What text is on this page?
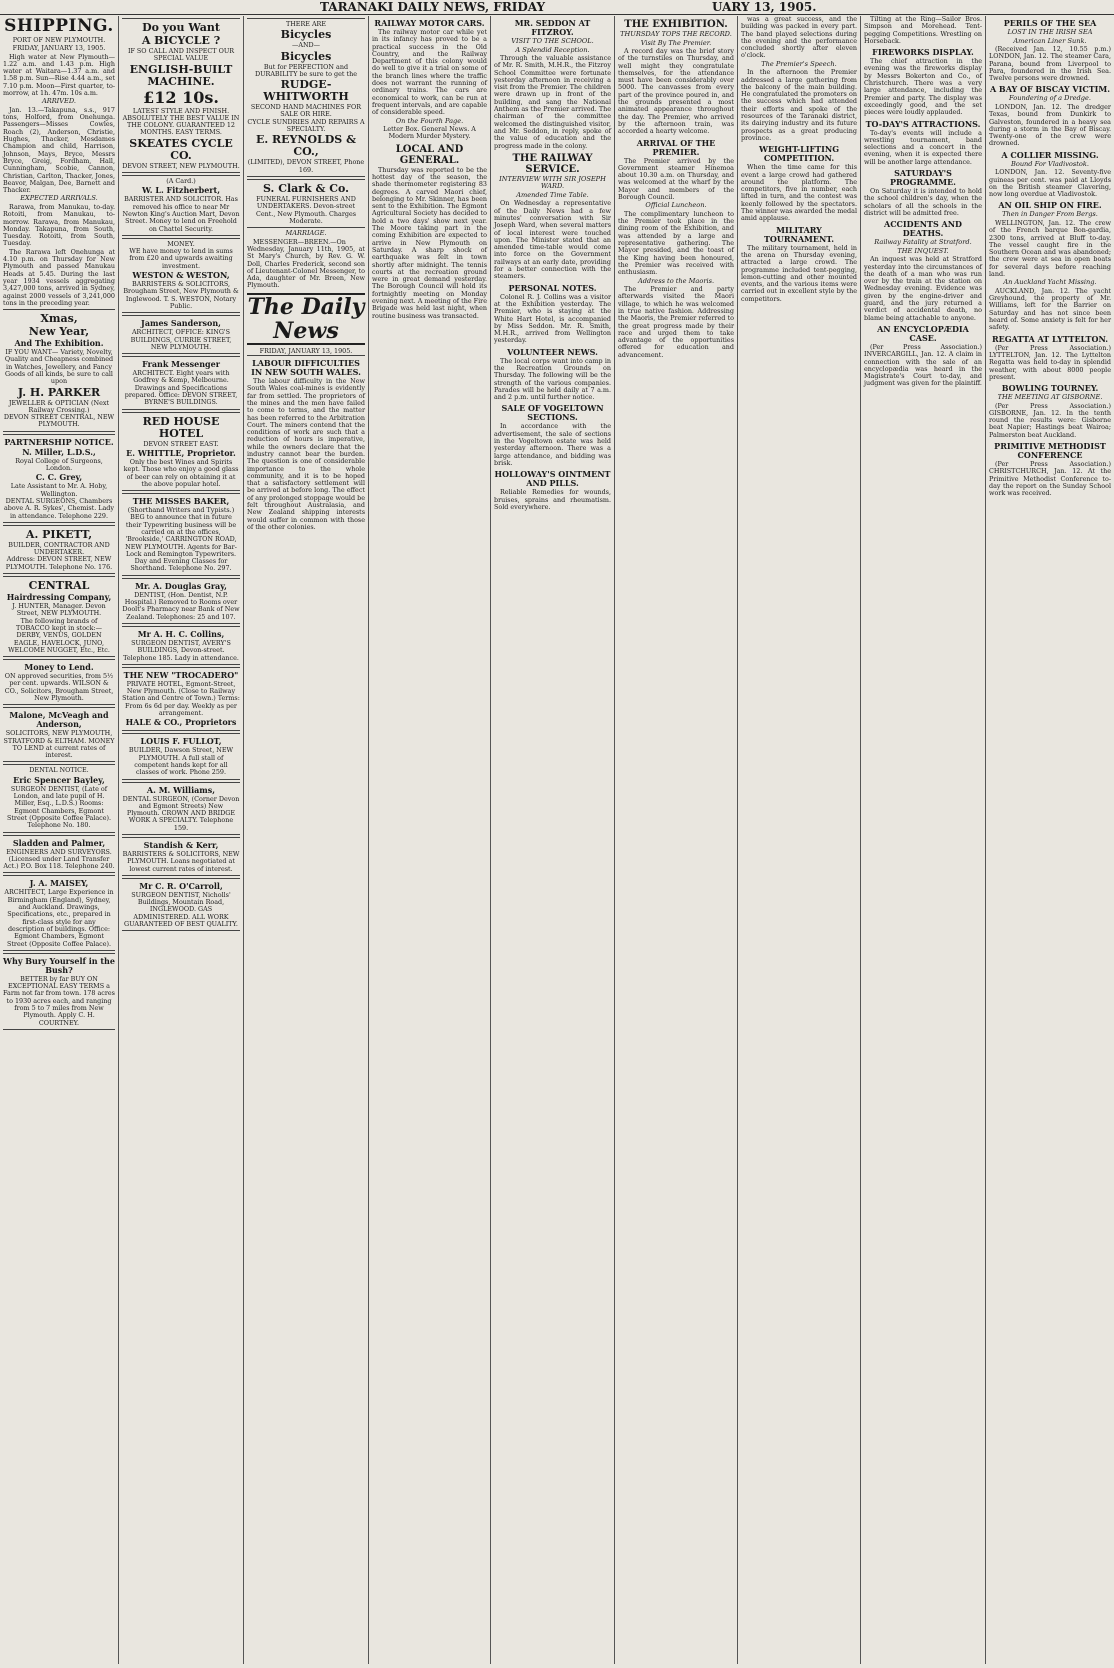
TARANAKI DAILY NEWS, FRIDAY	UARY 13, 1905.
SHIPPING.

PORT OF NEW PLYMOUTH.

FRIDAY, JANUARY 13, 1905.

High water at New Plymouth—1.22 a.m. and 1.43 p.m. High water at Waitara—1.37 a.m. and 1.58 p.m. Sun—Rise 4.44 a.m., set 7.10 p.m. Moon—First quarter, to-morrow, at 1h. 47m. 10s a.m.

ARRIVED.

Jan. 13.—Takapuna, s.s., 917 tons, Holford, from Onehunga. Passengers—Misses Cowles, Roach (2), Anderson, Christie, Hughes, Thacker, Mesdames Champion and child, Harrison, Johnson, Mays, Bryce, Messrs Bryce, Greig, Fordham, Hall, Cunningham, Scobie, Cannon, Christian, Carlton, Thacker, Jones, Beavor, Malgan, Dee, Barnett and Thacker.

EXPECTED ARRIVALS.

Rarawa, from Manukau, to-day. Rotoiti, from Manukau, to-morrow. Rarawa, from Manukau, Monday. Takapuna, from South, Tuesday. Rotoiti, from South, Tuesday.

The Rarawa left Onehunga at 4.10 p.m. on Thursday for New Plymouth and passed Manukau Heads at 5.45. During the last year 1934 vessels aggregating 3,427,000 tons, arrived in Sydney, against 2000 vessels of 3,241,000 tons in the preceding year.

Xmas,
New Year,
And The Exhibition.
IF YOU WANT— Variety, Novelty, Quality and Cheapness combined in Watches, Jewellery, and Fancy Goods of all kinds, be sure to call upon
J. H. PARKER
JEWELLER & OPTICIAN (Next Railway Crossing.)
DEVON STREET CENTRAL, NEW PLYMOUTH.
PARTNERSHIP NOTICE.
N. Miller, L.D.S.,
Royal College of Surgeons, London.
C. C. Grey,
Late Assistant to Mr. A. Hoby, Wellington.
DENTAL SURGEONS, Chambers above A. R. Sykes', Chemist. Lady in attendance. Telephone 229.
A. PIKETT,
BUILDER, CONTRACTOR AND UNDERTAKER.
Address: DEVON STREET, NEW PLYMOUTH. Telephone No. 176.
CENTRAL
Hairdressing Company,
J. HUNTER, Manager. Devon Street, NEW PLYMOUTH.
The following brands of TOBACCO kept in stock:— DERBY, VENUS, GOLDEN EAGLE, HAVELOCK, JUNO, WELCOME NUGGET, Etc., Etc.
Money to Lend.
ON approved securities, from 5½ per cent. upwards. WILSON & CO., Solicitors, Brougham Street, New Plymouth.
Malone, McVeagh and Anderson,
SOLICITORS, NEW PLYMOUTH, STRATFORD & ELTHAM. MONEY TO LEND at current rates of interest.
DENTAL NOTICE.
Eric Spencer Bayley,
SURGEON DENTIST, (Late of London, and late pupil of H. Miller, Esq., L.D.S.) Rooms: Egmont Chambers, Egmont Street (Opposite Coffee Palace). Telephone No. 180.
Sladden and Palmer,
ENGINEERS AND SURVEYORS. (Licensed under Land Transfer Act.) P.O. Box 118. Telephone 240.
J. A. MAISEY,
ARCHITECT, Large Experience in Birmingham (England), Sydney, and Auckland. Drawings, Specifications, etc., prepared in first-class style for any description of buildings. Office: Egmont Chambers, Egmont Street (Opposite Coffee Palace).
Why Bury Yourself in the Bush?
BETTER by far BUY ON EXCEPTIONAL EASY TERMS a Farm not far from town. 178 acres to 1930 acres each, and ranging from 5 to 7 miles from New Plymouth. Apply C. H. COURTNEY.
Do you Want
A BICYCLE ?
IF SO CALL AND INSPECT OUR SPECIAL VALUE
ENGLISH-BUILT MACHINE.
£12 10s.
LATEST STYLE AND FINISH. ABSOLUTELY THE BEST VALUE IN THE COLONY. GUARANTEED 12 MONTHS. EASY TERMS.
SKEATES CYCLE CO.
DEVON STREET, NEW PLYMOUTH.
(A Card.)
W. L. Fitzherbert,
BARRISTER AND SOLICITOR. Has removed his office to near Mr Newton King's Auction Mart, Devon Street. Money to lend on Freehold on Chattel Security.
MONEY.
WE have money to lend in sums from £20 and upwards awaiting investment.
WESTON & WESTON,
BARRISTERS & SOLICITORS, Brougham Street, New Plymouth & Inglewood. T. S. WESTON, Notary Public.
James Sanderson,
ARCHITECT, OFFICE: KING'S BUILDINGS, CURRIE STREET, NEW PLYMOUTH.
Frank Messenger
ARCHITECT. Eight years with Godfrey & Kemp, Melbourne. Drawings and Specifications prepared. Office: DEVON STREET, BYRNE'S BUILDINGS.
RED HOUSE HOTEL
DEVON STREET EAST.
E. WHITTLE, Proprietor.
Only the best Wines and Spirits kept. Those who enjoy a good glass of beer can rely on obtaining it at the above popular hotel.
THE MISSES BAKER,
(Shorthand Writers and Typists.) BEG to announce that in future their Typewriting business will be carried on at the offices, 'Brookside,' CARRINGTON ROAD, NEW PLYMOUTH. Agents for Bar-Lock and Remington Typewriters. Day and Evening Classes for Shorthand. Telephone No. 297.
Mr. A. Douglas Gray,
DENTIST, (Hon. Dentist, N.P. Hospital.) Removed to Rooms over Doolt's Pharmacy near Bank of New Zealand. Telephones: 25 and 107.
Mr A. H. C. Collins,
SURGEON DENTIST, AVERY'S BUILDINGS, Devon-street. Telephone 185. Lady in attendance.
THE NEW "TROCADERO"
PRIVATE HOTEL, Egmont-Street, New Plymouth. (Close to Railway Station and Centre of Town.) Terms: From 6s 6d per day. Weekly as per arrangement.
HALE & CO., Proprietors
LOUIS F. FULLOT,
BUILDER, Dawson Street, NEW PLYMOUTH. A full stall of competent hands kept for all classes of work. Phone 259.
A. M. Williams,
DENTAL SURGEON, (Corner Devon and Egmont Streets) New Plymouth. CROWN AND BRIDGE WORK A SPECIALTY. Telephone 159.
Standish & Kerr,
BARRISTERS & SOLICITORS, NEW PLYMOUTH. Loans negotiated at lowest current rates of interest.
Mr C. R. O'Carroll,
SURGEON DENTIST, Nicholls' Buildings, Mountain Road, INGLEWOOD. GAS ADMINISTERED. ALL WORK GUARANTEED OF BEST QUALITY.
THERE ARE
Bicycles
—AND—
Bicycles
But for PERFECTION and DURABILITY be sure to get the
RUDGE-WHITWORTH
SECOND HAND MACHINES FOR SALE OR HIRE.
CYCLE SUNDRIES AND REPAIRS A SPECIALTY.
E. REYNOLDS & CO.,
(LIMITED), DEVON STREET, Phone 169.
S. Clark & Co.
FUNERAL FURNISHERS AND UNDERTAKERS. Devon-street Cent., New Plymouth. Charges Moderate.
MARRIAGE.

MESSENGER—BREEN.—On Wednesday, January 11th, 1905, at St Mary's Church, by Rev. G. W. Doll, Charles Frederick, second son of Lieutenant-Colonel Messenger, to Ada, daughter of Mr. Breen, New Plymouth.

The Daily News
FRIDAY, JANUARY 13, 1905.
LABOUR DIFFICULTIES IN NEW SOUTH WALES.

The labour difficulty in the New South Wales coal-mines is evidently far from settled. The proprietors of the mines and the men have failed to come to terms, and the matter has been referred to the Arbitration Court. The miners contend that the conditions of work are such that a reduction of hours is imperative, while the owners declare that the industry cannot bear the burden. The question is one of considerable importance to the whole community, and it is to be hoped that a satisfactory settlement will be arrived at before long. The effect of any prolonged stoppage would be felt throughout Australasia, and New Zealand shipping interests would suffer in common with those of the other colonies.

RAILWAY MOTOR CARS.

The railway motor car while yet in its infancy has proved to be a practical success in the Old Country, and the Railway Department of this colony would do well to give it a trial on some of the branch lines where the traffic does not warrant the running of ordinary trains. The cars are economical to work, can be run at frequent intervals, and are capable of considerable speed.

On the Fourth Page.

Letter Box. General News. A Modern Murder Mystery.

LOCAL AND GENERAL.

Thursday was reported to be the hottest day of the season, the shade thermometer registering 83 degrees. A carved Maori chief, belonging to Mr. Skinner, has been sent to the Exhibition. The Egmont Agricultural Society has decided to hold a two days' show next year. The Moore taking part in the coming Exhibition are expected to arrive in New Plymouth on Saturday. A sharp shock of earthquake was felt in town shortly after midnight. The tennis courts at the recreation ground were in great demand yesterday. The Borough Council will hold its fortnightly meeting on Monday evening next. A meeting of the Fire Brigade was held last night, when routine business was transacted.

MR. SEDDON AT FITZROY.
VISIT TO THE SCHOOL.
A Splendid Reception.

Through the valuable assistance of Mr. R. Smith, M.H.R., the Fitzroy School Committee were fortunate yesterday afternoon in receiving a visit from the Premier. The children were drawn up in front of the building, and sang the National Anthem as the Premier arrived. The chairman of the committee welcomed the distinguished visitor, and Mr. Seddon, in reply, spoke of the value of education and the progress made in the colony.

THE RAILWAY SERVICE.
INTERVIEW WITH SIR JOSEPH WARD.
Amended Time Table.

On Wednesday a representative of the Daily News had a few minutes' conversation with Sir Joseph Ward, when several matters of local interest were touched upon. The Minister stated that an amended time-table would come into force on the Government railways at an early date, providing for a better connection with the steamers.

PERSONAL NOTES.

Colonel R. J. Collins was a visitor at the Exhibition yesterday. The Premier, who is staying at the White Hart Hotel, is accompanied by Miss Seddon. Mr. R. Smith, M.H.R., arrived from Wellington yesterday.

VOLUNTEER NEWS.

The local corps want into camp in the Recreation Grounds on Thursday. The following will be the strength of the various companies. Parades will be held daily at 7 a.m. and 2 p.m. until further notice.

SALE OF VOGELTOWN SECTIONS.

In accordance with the advertisement, the sale of sections in the Vogeltown estate was held yesterday afternoon. There was a large attendance, and bidding was brisk.

HOLLOWAY'S OINTMENT AND PILLS.

Reliable Remedies for wounds, bruises, sprains and rheumatism. Sold everywhere.

THE EXHIBITION.
THURSDAY TOPS THE RECORD.
Visit By The Premier.

A record day was the brief story of the turnstiles on Thursday, and well might they congratulate themselves, for the attendance must have been considerably over 5000. The canvasses from every part of the province poured in, and the grounds presented a most animated appearance throughout the day. The Premier, who arrived by the afternoon train, was accorded a hearty welcome.

ARRIVAL OF THE PREMIER.

The Premier arrived by the Government steamer Hinemoa about 10.30 a.m. on Thursday, and was welcomed at the wharf by the Mayor and members of the Borough Council.

Official Luncheon.

The complimentary luncheon to the Premier took place in the dining room of the Exhibition, and was attended by a large and representative gathering. The Mayor presided, and the toast of the King having been honoured, the Premier was received with enthusiasm.

Address to the Maoris.

The Premier and party afterwards visited the Maori village, to which he was welcomed in true native fashion. Addressing the Maoris, the Premier referred to the great progress made by their race and urged them to take advantage of the opportunities offered for education and advancement.

was a great success, and the building was packed in every part. The band played selections during the evening and the performance concluded shortly after eleven o'clock.

The Premier's Speech.

In the afternoon the Premier addressed a large gathering from the balcony of the main building. He congratulated the promoters on the success which had attended their efforts and spoke of the resources of the Taranaki district, its dairying industry and its future prospects as a great producing province.

WEIGHT-LIFTING COMPETITION.

When the time came for this event a large crowd had gathered around the platform. The competitors, five in number, each lifted in turn, and the contest was keenly followed by the spectators. The winner was awarded the medal amid applause.

MILITARY TOURNAMENT.

The military tournament, held in the arena on Thursday evening, attracted a large crowd. The programme included tent-pegging, lemon-cutting and other mounted events, and the various items were carried out in excellent style by the competitors.

Tilting at the Ring—Sailor Bros. Simpson and Morehead. Tent-pegging Competitions. Wrestling on Horseback.

FIREWORKS DISPLAY.

The chief attraction in the evening was the fireworks display by Messrs Bokerton and Co., of Christchurch. There was a very large attendance, including the Premier and party. The display was exceedingly good, and the set pieces were loudly applauded.

TO-DAY'S ATTRACTIONS.

To-day's events will include a wrestling tournament, band selections and a concert in the evening, when it is expected there will be another large attendance.

SATURDAY'S PROGRAMME.

On Saturday it is intended to hold the school children's day, when the scholars of all the schools in the district will be admitted free.

ACCIDENTS AND DEATHS.
Railway Fatality at Stratford.
THE INQUEST.

An inquest was held at Stratford yesterday into the circumstances of the death of a man who was run over by the train at the station on Wednesday evening. Evidence was given by the engine-driver and guard, and the jury returned a verdict of accidental death, no blame being attachable to anyone.

AN ENCYCLOPÆDIA CASE.

(Per Press Association.) INVERCARGILL, Jan. 12. A claim in connection with the sale of an encyclopædia was heard in the Magistrate's Court to-day, and judgment was given for the plaintiff.

PERILS OF THE SEA
LOST IN THE IRISH SEA
American Liner Sunk.

(Received Jan. 12, 10.55 p.m.) LONDON, Jan. 12. The steamer Cara, Parana, bound from Liverpool to Para, foundered in the Irish Sea. Twelve persons were drowned.

A BAY OF BISCAY VICTIM.
Foundering of a Dredge.

LONDON, Jan. 12. The dredger Texas, bound from Dunkirk to Galveston, foundered in a heavy sea during a storm in the Bay of Biscay. Twenty-one of the crew were drowned.

A COLLIER MISSING.
Bound For Vladivostok.

LONDON, Jan. 12. Seventy-five guineas per cent. was paid at Lloyds on the British steamer Clavering, now long overdue at Vladivostok.

AN OIL SHIP ON FIRE.
Then in Danger From Bergs.

WELLINGTON, Jan. 12. The crew of the French barque Bon-gardia, 2300 tons, arrived at Bluff to-day. The vessel caught fire in the Southern Ocean and was abandoned; the crew were at sea in open boats for several days before reaching land.

An Auckland Yacht Missing.

AUCKLAND, Jan. 12. The yacht Greyhound, the property of Mr. Williams, left for the Barrier on Saturday and has not since been heard of. Some anxiety is felt for her safety.

REGATTA AT LYTTELTON.

(Per Press Association.) LYTTELTON, Jan. 12. The Lyttelton Regatta was held to-day in splendid weather, with about 8000 people present.

BOWLING TOURNEY.
THE MEETING AT GISBORNE.

(Per Press Association.) GISBORNE, Jan. 12. In the tenth round the results were: Gisborne beat Napier; Hastings beat Wairoa; Palmerston beat Auckland.

PRIMITIVE METHODIST CONFERENCE

(Per Press Association.) CHRISTCHURCH, Jan. 12. At the Primitive Methodist Conference to-day the report on the Sunday School work was received.
